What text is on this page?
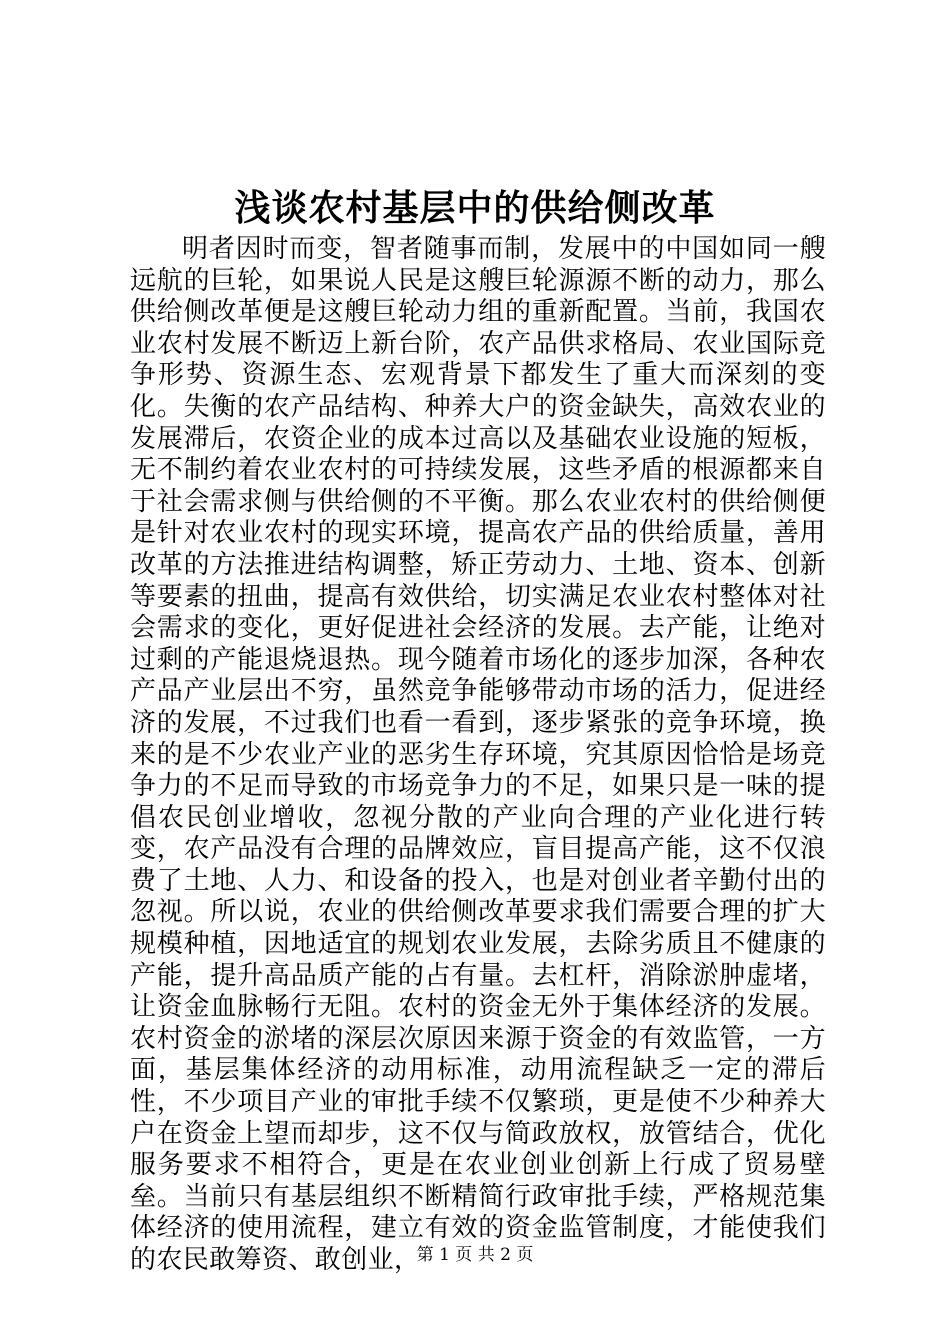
浅谈农村基层中的供给侧改革

明者因时而变，智者随事而制，发展中的中国如同一艘远航的巨轮，如果说人民是这艘巨轮源源不断的动力，那么供给侧改革便是这艘巨轮动力组的重新配置。当前，我国农业农村发展不断迈上新台阶，农产品供求格局、农业国际竞争形势、资源生态、宏观背景下都发生了重大而深刻的变化。失衡的农产品结构、种养大户的资金缺失，高效农业的发展滞后，农资企业的成本过高以及基础农业设施的短板，无不制约着农业农村的可持续发展，这些矛盾的根源都来自于社会需求侧与供给侧的不平衡。那么农业农村的供给侧便是针对农业农村的现实环境，提高农产品的供给质量，善用改革的方法推进结构调整，矫正劳动力、土地、资本、创新等要素的扭曲，提高有效供给，切实满足农业农村整体对社会需求的变化，更好促进社会经济的发展。去产能，让绝对过剩的产能退烧退热。现今随着市场化的逐步加深，各种农产品产业层出不穷，虽然竞争能够带动市场的活力，促进经济的发展，不过我们也看一看到，逐步紧张的竞争环境，换来的是不少农业产业的恶劣生存环境，究其原因恰恰是场竞争力的不足而导致的市场竞争力的不足，如果只是一味的提倡农民创业增收，忽视分散的产业向合理的产业化进行转变，农产品没有合理的品牌效应，盲目提高产能，这不仅浪费了土地、人力、和设备的投入，也是对创业者辛勤付出的忽视。所以说，农业的供给侧改革要求我们需要合理的扩大规模种植，因地适宜的规划农业发展，去除劣质且不健康的产能，提升高品质产能的占有量。去杠杆，消除淤肿虚堵，让资金血脉畅行无阻。农村的资金无外于集体经济的发展。农村资金的淤堵的深层次原因来源于资金的有效监管，一方面，基层集体经济的动用标准，动用流程缺乏一定的滞后性，不少项目产业的审批手续不仅繁琐，更是使不少种养大户在资金上望而却步，这不仅与简政放权，放管结合，优化服务要求不相符合，更是在农业创业创新上行成了贸易壁垒。当前只有基层组织不断精简行政审批手续，严格规范集体经济的使用流程，建立有效的资金监管制度，才能使我们的农民敢筹资、敢创业，

第 1 页 共 2 页
